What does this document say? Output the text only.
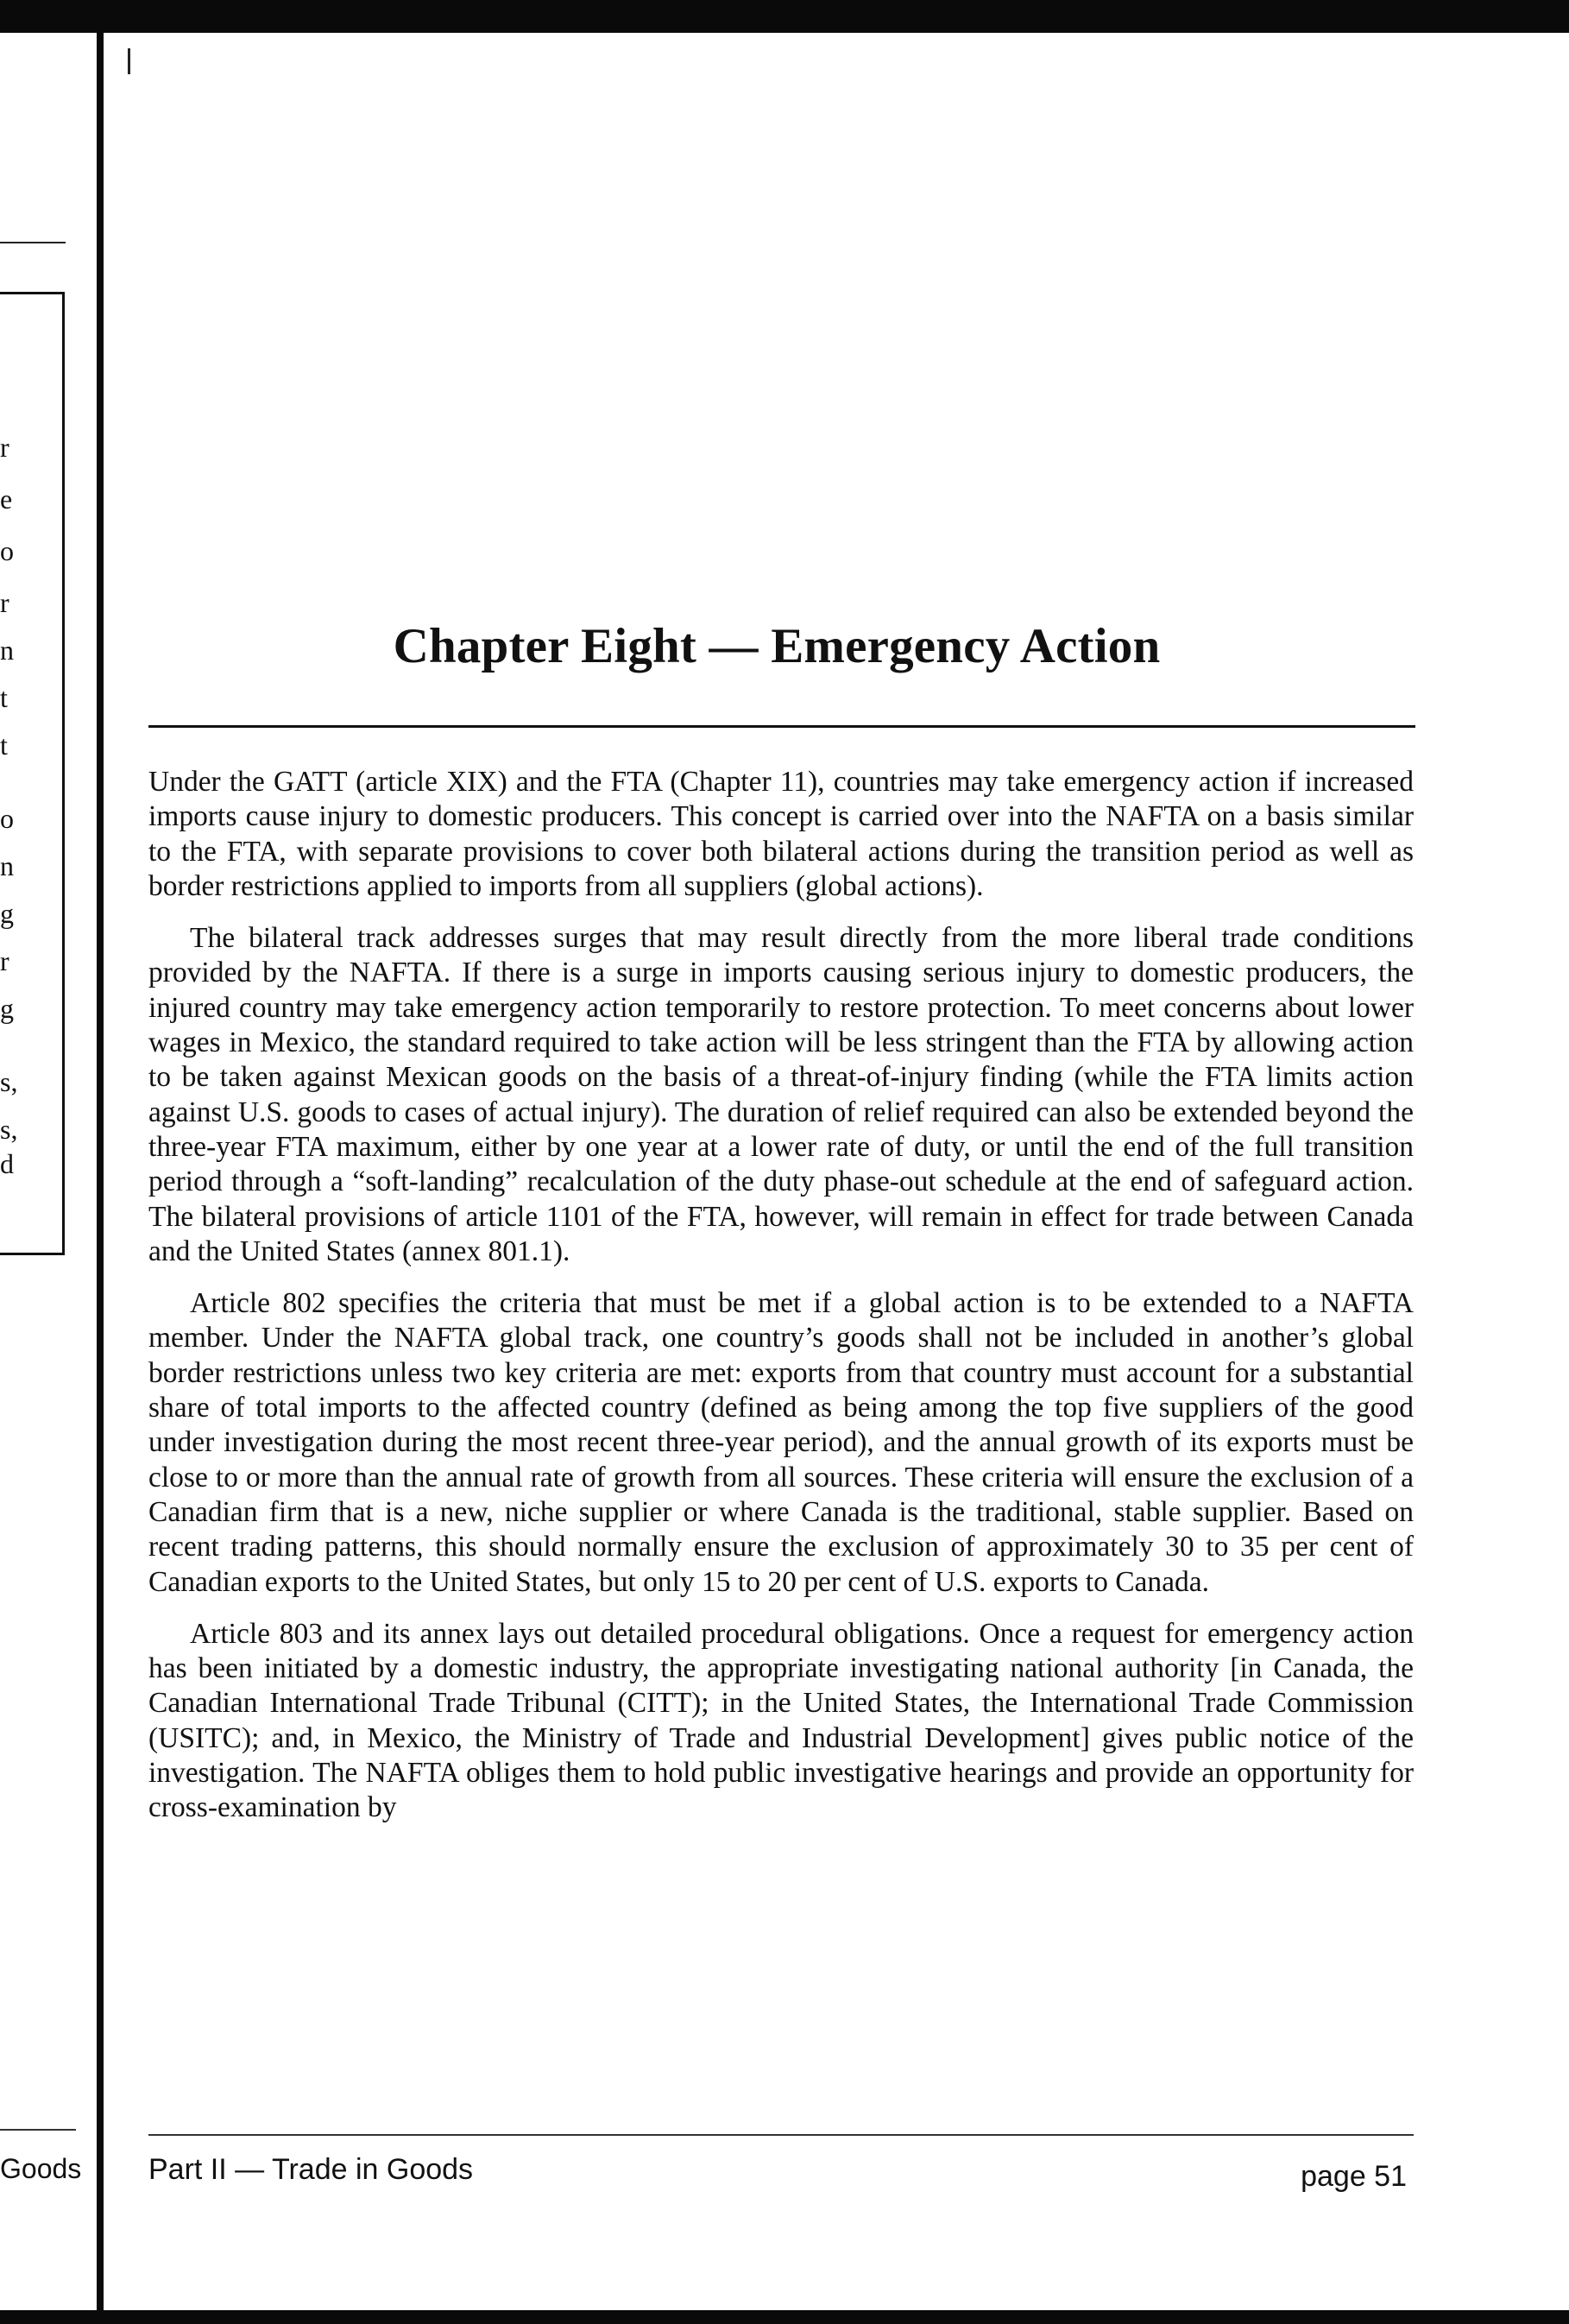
r
e
o
r
n
t
t
o
n
g
r
g
s,
s,
d
Goods
Chapter Eight — Emergency Action

Under the GATT (article XIX) and the FTA (Chapter 11), countries may take emergency action if increased imports cause injury to domestic producers. This concept is carried over into the NAFTA on a basis similar to the FTA, with separate provisions to cover both bilateral actions during the transition period as well as border restrictions applied to imports from all suppliers (global actions).

The bilateral track addresses surges that may result directly from the more liberal trade conditions provided by the NAFTA. If there is a surge in imports causing serious injury to domestic producers, the injured country may take emergency action temporarily to restore protection. To meet concerns about lower wages in Mexico, the standard required to take action will be less stringent than the FTA by allowing action to be taken against Mexican goods on the basis of a threat-of-injury finding (while the FTA limits action against U.S. goods to cases of actual injury). The duration of relief required can also be extended beyond the three-year FTA maximum, either by one year at a lower rate of duty, or until the end of the full transition period through a “soft-landing” recalculation of the duty phase-out schedule at the end of safeguard action. The bilateral provisions of article 1101 of the FTA, however, will remain in effect for trade between Canada and the United States (annex 801.1).

Article 802 specifies the criteria that must be met if a global action is to be extended to a NAFTA member. Under the NAFTA global track, one country’s goods shall not be included in another’s global border restrictions unless two key criteria are met: exports from that country must account for a substantial share of total imports to the affected country (defined as being among the top five suppliers of the good under investigation during the most recent three-year period), and the annual growth of its exports must be close to or more than the annual rate of growth from all sources. These criteria will ensure the exclusion of a Canadian firm that is a new, niche supplier or where Canada is the traditional, stable supplier. Based on recent trading patterns, this should normally ensure the exclusion of approximately 30 to 35 per cent of Canadian exports to the United States, but only 15 to 20 per cent of U.S. exports to Canada.

Article 803 and its annex lays out detailed procedural obligations. Once a request for emergency action has been initiated by a domestic industry, the appropriate investigating national authority [in Canada, the Canadian International Trade Tribunal (CITT); in the United States, the International Trade Commission (USITC); and, in Mexico, the Ministry of Trade and Industrial Development] gives public notice of the investigation. The NAFTA obliges them to hold public investigative hearings and provide an opportunity for cross-examination by

Part II — Trade in Goods	page 51
